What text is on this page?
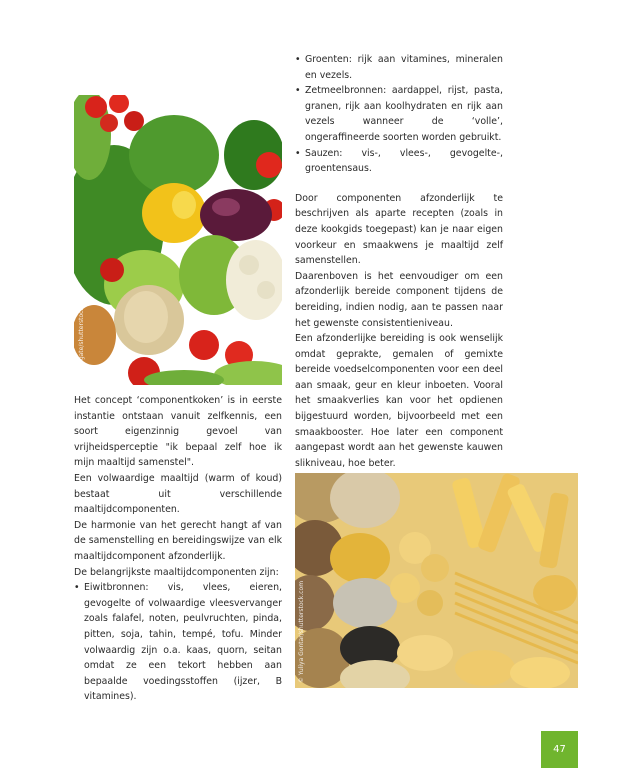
© Joingate/shutterstock.com

Het concept ‘componentkoken’ is in eerste instantie ontstaan vanuit zelfkennis, een soort eigenzinnig gevoel van vrijheidsperceptie "ik bepaal zelf hoe ik mijn maaltijd samenstel".

Een volwaardige maaltijd (warm of koud) bestaat uit verschillende maaltijdcomponenten.

De harmonie van het gerecht hangt af van de samenstelling en bereidingswijze van elk maaltijdcomponent afzonderlijk.

De belangrijkste maaltijdcomponenten zijn:

• Eiwitbronnen: vis, vlees, eieren, gevogelte of volwaardige vleesvervanger zoals falafel, noten, peulvruchten, pinda, pitten, soja, tahin, tempé, tofu. Minder volwaardig zijn o.a. kaas, quorn, seitan omdat ze een tekort hebben aan bepaalde voedingsstoffen (ijzer, B vitamines).
• Groenten: rijk aan vitamines, mineralen en vezels.
• Zetmeelbronnen: aardappel, rijst, pasta, granen, rijk aan koolhydraten en rijk aan vezels wanneer de ‘volle’, ongeraffineerde soorten worden gebruikt.
• Sauzen: vis-, vlees-, gevogelte-, groentensaus.

Door componenten afzonderlijk te beschrijven als aparte recepten (zoals in deze kookgids toegepast) kan je naar eigen voorkeur en smaakwens je maaltijd zelf samenstellen.

Daarenboven is het eenvoudiger om een afzonderlijk bereide component tijdens de bereiding, indien nodig, aan te passen naar het gewenste consistentieniveau.

Een afzonderlijke bereiding is ook wenselijk omdat geprakte, gemalen of gemixte bereide voedselcomponenten voor een deel aan smaak, geur en kleur inboeten. Vooral het smaakverlies kan voor het opdienen bijgestuurd worden, bijvoorbeeld met een smaakbooster. Hoe later een component aangepast wordt aan het gewenste kauwen slikniveau, hoe beter.

© Yuliya Gontar/shutterstock.com
47
